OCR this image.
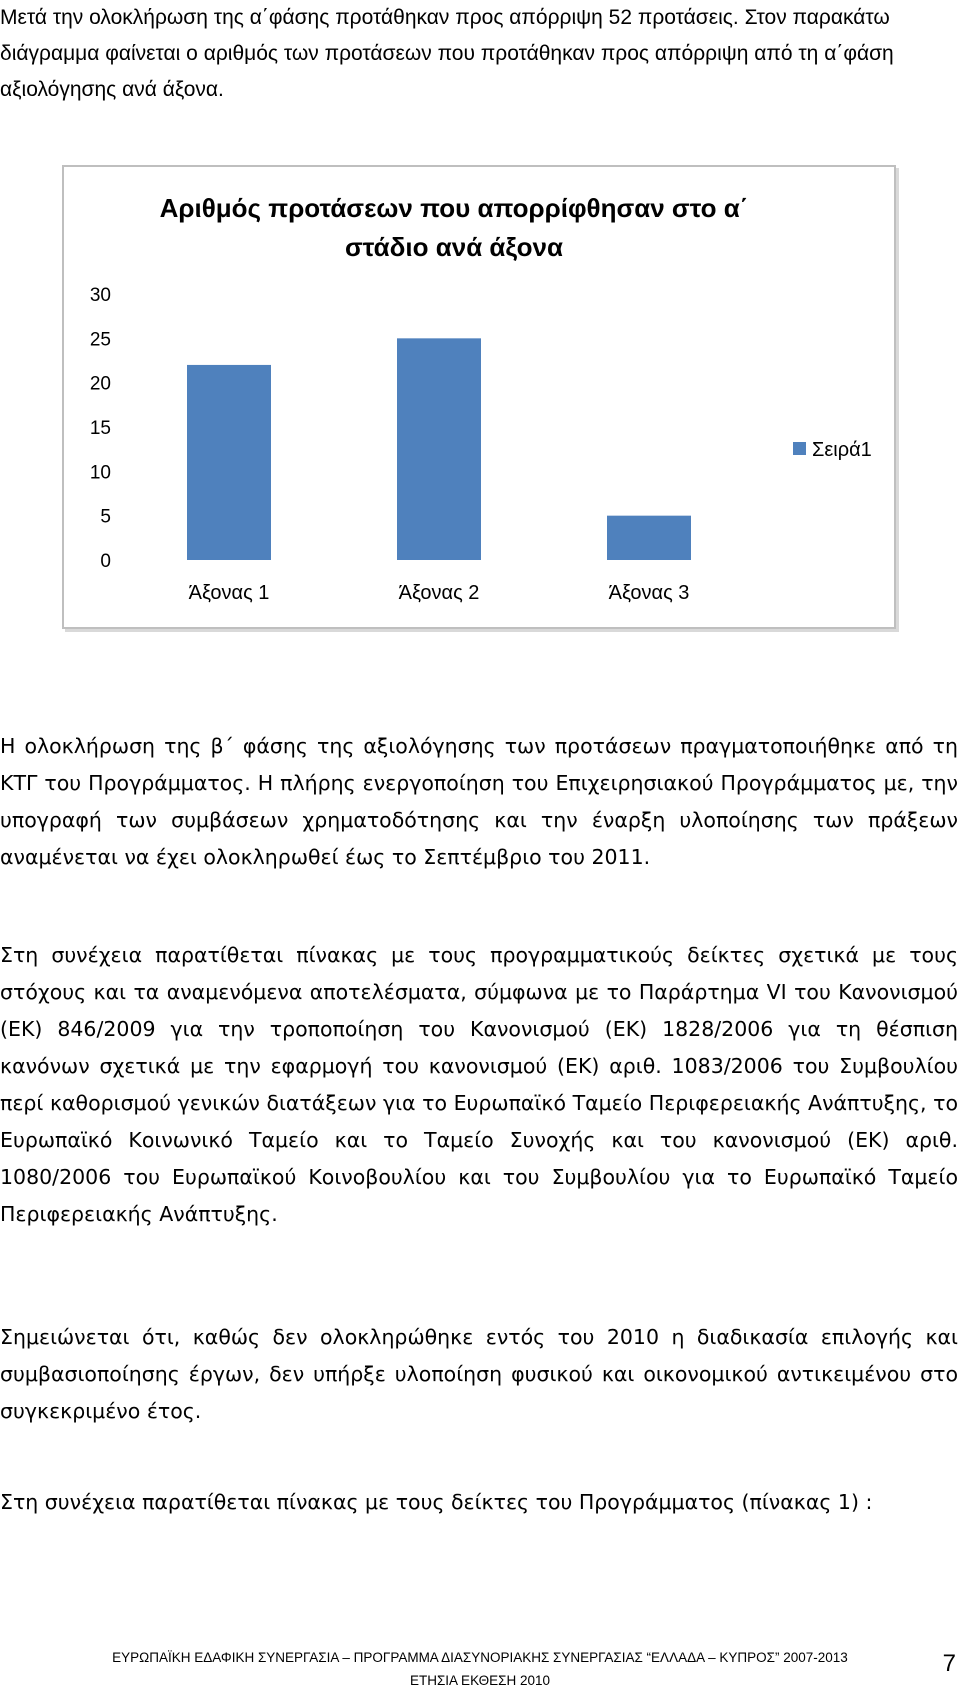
Μετά την ολοκλήρωση της α΄φάσης προτάθηκαν προς απόρριψη 52 προτάσεις. Στον παρακάτω διάγραμμα φαίνεται ο αριθμός των προτάσεων που προτάθηκαν προς απόρριψη από τη α΄φάση αξιολόγησης ανά άξονα.

Αριθμός προτάσεων που απορρίφθησαν στο α΄
στάδιο ανά άξονα
0
5
10
15
20
25
30
Άξονας 1	Άξονας 2	Άξονας 3
Σειρά1

Η ολοκλήρωση της β΄ φάσης της αξιολόγησης των προτάσεων πραγματοποιήθηκε από τη ΚΤΓ του Προγράμματος. Η πλήρης ενεργοποίηση του Επιχειρησιακού Προγράμματος με, την υπογραφή των συμβάσεων χρηματοδότησης και την έναρξη υλοποίησης των πράξεων αναμένεται να έχει ολοκληρωθεί έως το Σεπτέμβριο του 2011.

Στη συνέχεια παρατίθεται πίνακας με τους προγραμματικούς δείκτες σχετικά με τους στόχους και τα αναμενόμενα αποτελέσματα, σύμφωνα με το Παράρτημα VI του Κανονισμού (ΕΚ) 846/2009 για την τροποποίηση του Κανονισμού (ΕΚ) 1828/2006 για τη θέσπιση κανόνων σχετικά με την εφαρμογή του κανονισμού (ΕΚ) αριθ. 1083/2006 του Συμβουλίου περί καθορισμού γενικών διατάξεων για το Ευρωπαϊκό Ταμείο Περιφερειακής Ανάπτυξης, το Ευρωπαϊκό Κοινωνικό Ταμείο και το Ταμείο Συνοχής και του κανονισμού (ΕΚ) αριθ. 1080/2006 του Ευρωπαϊκού Κοινοβουλίου και του Συμβουλίου για το Ευρωπαϊκό Ταμείο Περιφερειακής Ανάπτυξης.

Σημειώνεται ότι, καθώς δεν ολοκληρώθηκε εντός του 2010 η διαδικασία επιλογής και συμβασιοποίησης έργων, δεν υπήρξε υλοποίηση φυσικού και οικονομικού αντικειμένου στο συγκεκριμένο έτος.

Στη συνέχεια παρατίθεται πίνακας με τους δείκτες του Προγράμματος (πίνακας 1) :

ΕΥΡΩΠΑΪΚΗ ΕΔΑΦΙΚΗ ΣΥΝΕΡΓΑΣΙΑ – ΠΡΟΓΡΑΜΜΑ ΔΙΑΣΥΝΟΡΙΑΚΗΣ ΣΥΝΕΡΓΑΣΙΑΣ “ΕΛΛΑΔΑ – ΚΥΠΡΟΣ” 2007-2013
ΕΤΗΣΙΑ ΕΚΘΕΣΗ 2010
7
